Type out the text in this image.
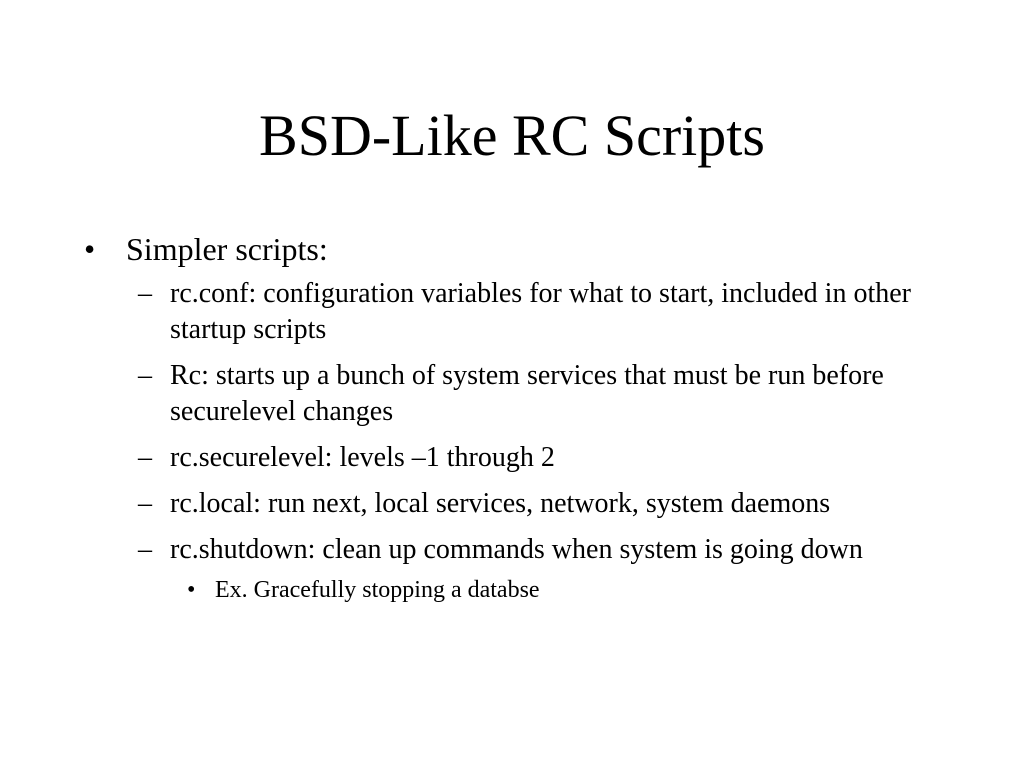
BSD-Like RC Scripts
• Simpler scripts:
– rc.conf: configuration variables for what to start, included in other startup scripts
– Rc: starts up a bunch of system services that must be run before securelevel changes
– rc.securelevel: levels –1 through 2
– rc.local: run next, local services, network, system daemons
– rc.shutdown: clean up commands when system is going down
• Ex. Gracefully stopping a databse
